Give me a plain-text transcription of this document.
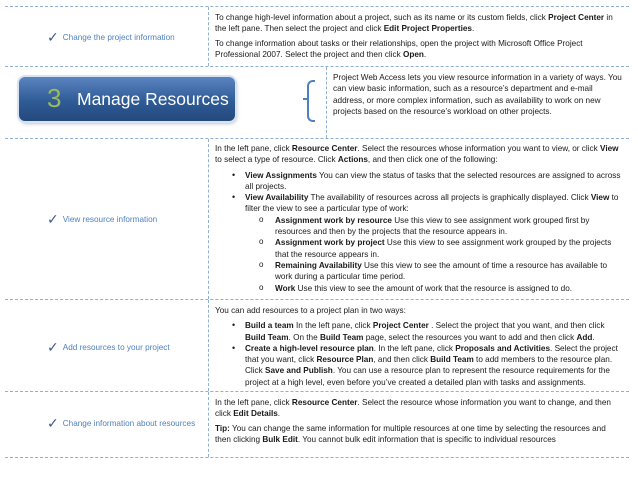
✓ Change the project information

To change high-level information about a project, such as its name or its custom fields, click Project Center in the left pane. Then select the project and click Edit Project Properties.

To change information about tasks or their relationships, open the project with Microsoft Office Project Professional 2007. Select the project and then click Open.

3 Manage Resources
Project Web Access lets you view resource information in a variety of ways. You can view basic information, such as a resource’s department and e-mail address, or more complex information, such as availability to work on new projects based on the resource’s workload on other projects.
✓ View resource information

In the left pane, click Resource Center. Select the resources whose information you want to view, or click View to select a type of resource. Click Actions, and then click one of the following:

• View Assignments You can view the status of tasks that the selected resources are assigned to across all projects.
• View Availability The availability of resources across all projects is graphically displayed. Click View to filter the view to see a particular type of work:
o Assignment work by resource Use this view to see assignment work grouped first by resources and then by the projects that the resource appears in.
o Assignment work by project Use this view to see assignment work grouped by the projects that the resource appears in.
o Remaining Availability Use this view to see the amount of time a resource has available to work during a particular time period.
o Work Use this view to see the amount of work that the resource is assigned to do.
✓ Add resources to your project

You can add resources to a project plan in two ways:

• Build a team In the left pane, click Project Center . Select the project that you want, and then click Build Team. On the Build Team page, select the resources you want to add and then click Add.
• Create a high-level resource plan. In the left pane, click Proposals and Activities. Select the project that you want, click Resource Plan, and then click Build Team to add members to the resource plan. Click Save and Publish. You can use a resource plan to represent the resource requirements for the project at a high level, even before you’ve created a detailed plan with tasks and assignments.
✓ Change information about resources

In the left pane, click Resource Center. Select the resource whose information you want to change, and then click Edit Details.

Tip: You can change the same information for multiple resources at one time by selecting the resources and then clicking Bulk Edit. You cannot bulk edit information that is specific to individual resources
